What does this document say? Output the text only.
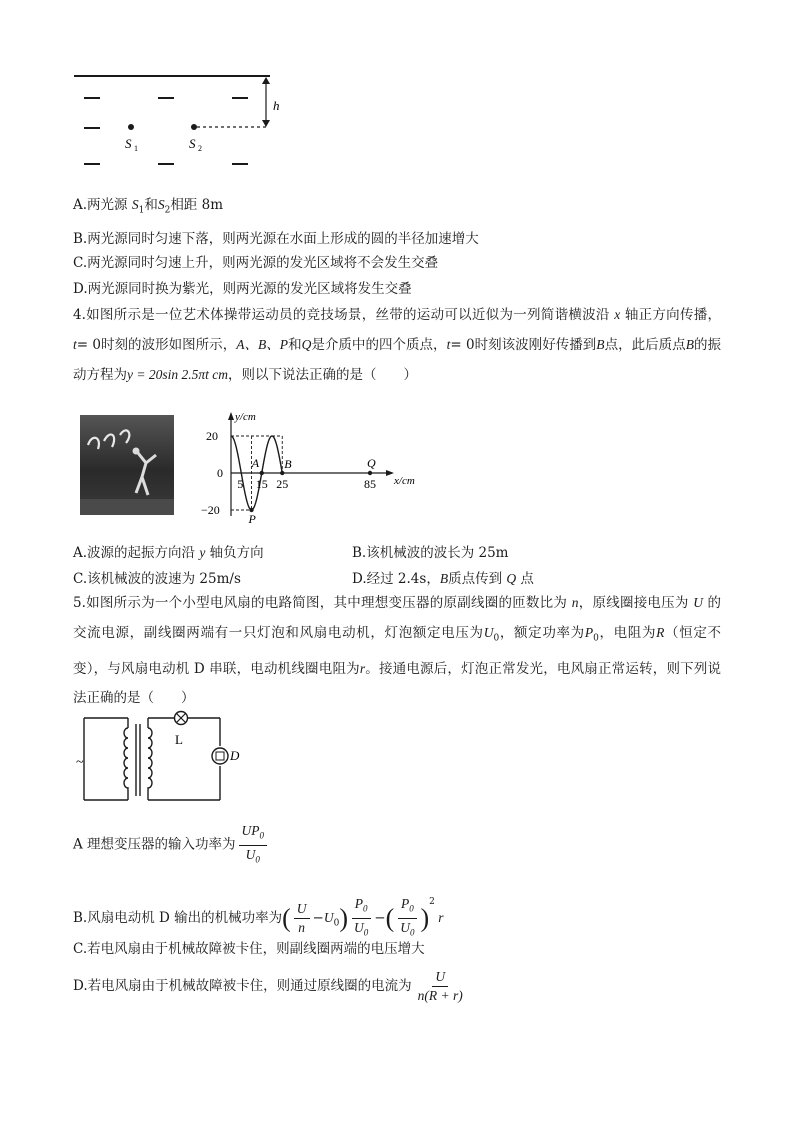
h
S 1	S 2
A.两光源 $S_1$和$S_2$相距 8m
B.两光源同时匀速下落，则两光源在水面上形成的圆的半径加速增大
C.两光源同时匀速上升，则两光源的发光区域将不会发生交叠
D.两光源同时换为紫光，则两光源的发光区域将发生交叠
4.如图所示是一位艺术体操带运动员的竞技场景，丝带的运动可以近似为一列简谐横波沿 x 轴正方向传播，t= 0时刻的波形如图所示，A、B、P和Q是介质中的四个质点，t= 0时刻该波刚好传播到B点，此后质点B的振动方程为y = 20sin 2.5πt cm，则以下说法正确的是（　　）
y/cm
x/cm
20
0
−20
5 15 25	85
A B
P
Q
A.波源的起振方向沿 y 轴负方向	B.该机械波的波长为 25m
C.该机械波的波速为 25m/s	D.经过 2.4s，B质点传到 Q 点
5.如图所示为一个小型电风扇的电路简图，其中理想变压器的原副线圈的匝数比为 n，原线圈接电压为 U 的交流电源，副线圈两端有一只灯泡和风扇电动机，灯泡额定电压为$U_0$，额定功率为$P_0$，电阻为R（恒定不变），与风扇电动机 D 串联，电动机线圈电阻为r。接通电源后，灯泡正常发光，电风扇正常运转，则下列说法正确的是（　　）
L
D
~
A 理想变压器的输入功率为 $\frac{UP_0}{U_0}$
B.风扇电动机 D 输出的机械功率为( $\frac{U}{n} -U_0) \frac{P_0}{U_0}$ −( $\frac{P_0}{U_0} )^2$ r
C.若电风扇由于机械故障被卡住，则副线圈两端的电压增大
D.若电风扇由于机械故障被卡住，则通过原线圈的电流为 $\frac{U}{n(R + r)}$
